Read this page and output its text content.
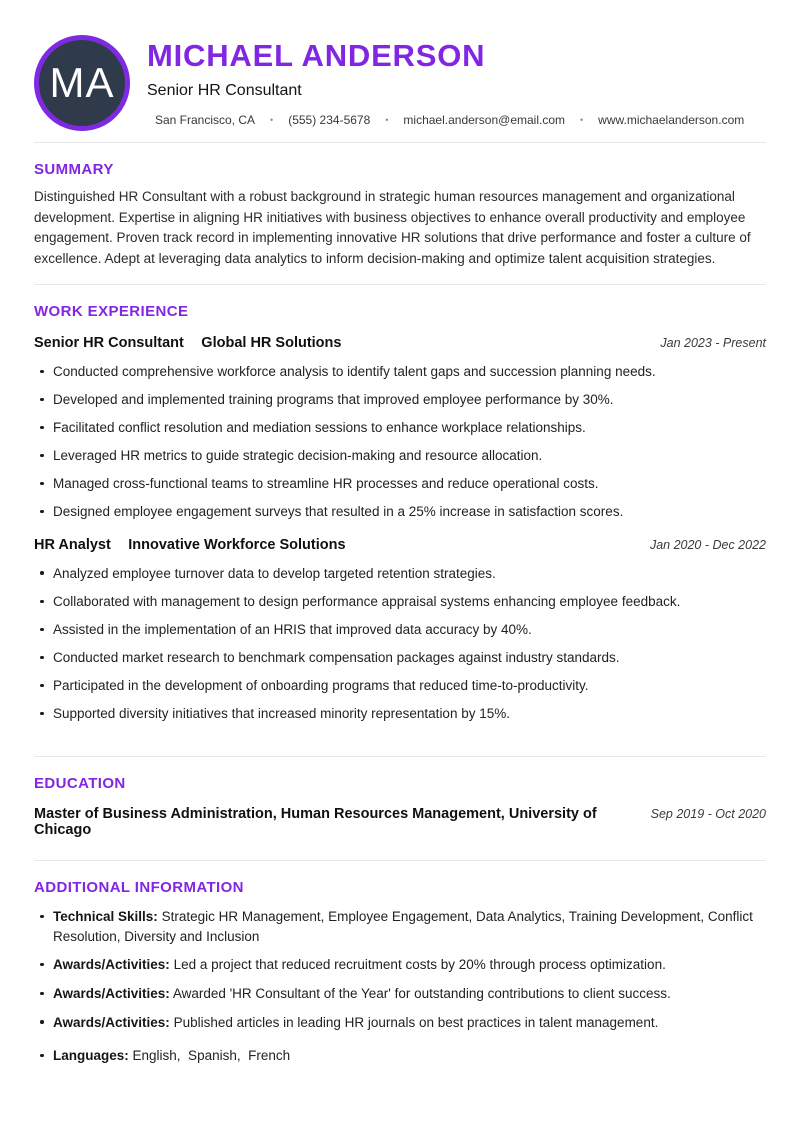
MA
MICHAEL ANDERSON
Senior HR Consultant
San Francisco, CA • (555) 234-5678 • michael.anderson@email.com • www.michaelanderson.com
SUMMARY

Distinguished HR Consultant with a robust background in strategic human resources management and organizational development. Expertise in aligning HR initiatives with business objectives to enhance overall productivity and employee engagement. Proven track record in implementing innovative HR solutions that drive performance and foster a culture of excellence. Adept at leveraging data analytics to inform decision-making and optimize talent acquisition strategies.

WORK EXPERIENCE
Senior HR Consultant Global HR Solutions	Jan 2023 - Present
Conducted comprehensive workforce analysis to identify talent gaps and succession planning needs.
Developed and implemented training programs that improved employee performance by 30%.
Facilitated conflict resolution and mediation sessions to enhance workplace relationships.
Leveraged HR metrics to guide strategic decision-making and resource allocation.
Managed cross-functional teams to streamline HR processes and reduce operational costs.
Designed employee engagement surveys that resulted in a 25% increase in satisfaction scores.
HR Analyst Innovative Workforce Solutions	Jan 2020 - Dec 2022
Analyzed employee turnover data to develop targeted retention strategies.
Collaborated with management to design performance appraisal systems enhancing employee feedback.
Assisted in the implementation of an HRIS that improved data accuracy by 40%.
Conducted market research to benchmark compensation packages against industry standards.
Participated in the development of onboarding programs that reduced time-to-productivity.
Supported diversity initiatives that increased minority representation by 15%.
EDUCATION
Master of Business Administration, Human Resources Management, University of Chicago
Sep 2019 - Oct 2020
ADDITIONAL INFORMATION
Technical Skills: Strategic HR Management, Employee Engagement, Data Analytics, Training Development, Conflict Resolution, Diversity and Inclusion
Awards/Activities: Led a project that reduced recruitment costs by 20% through process optimization.
Awards/Activities: Awarded 'HR Consultant of the Year' for outstanding contributions to client success.
Awards/Activities: Published articles in leading HR journals on best practices in talent management.
Languages: English,  Spanish,  French
